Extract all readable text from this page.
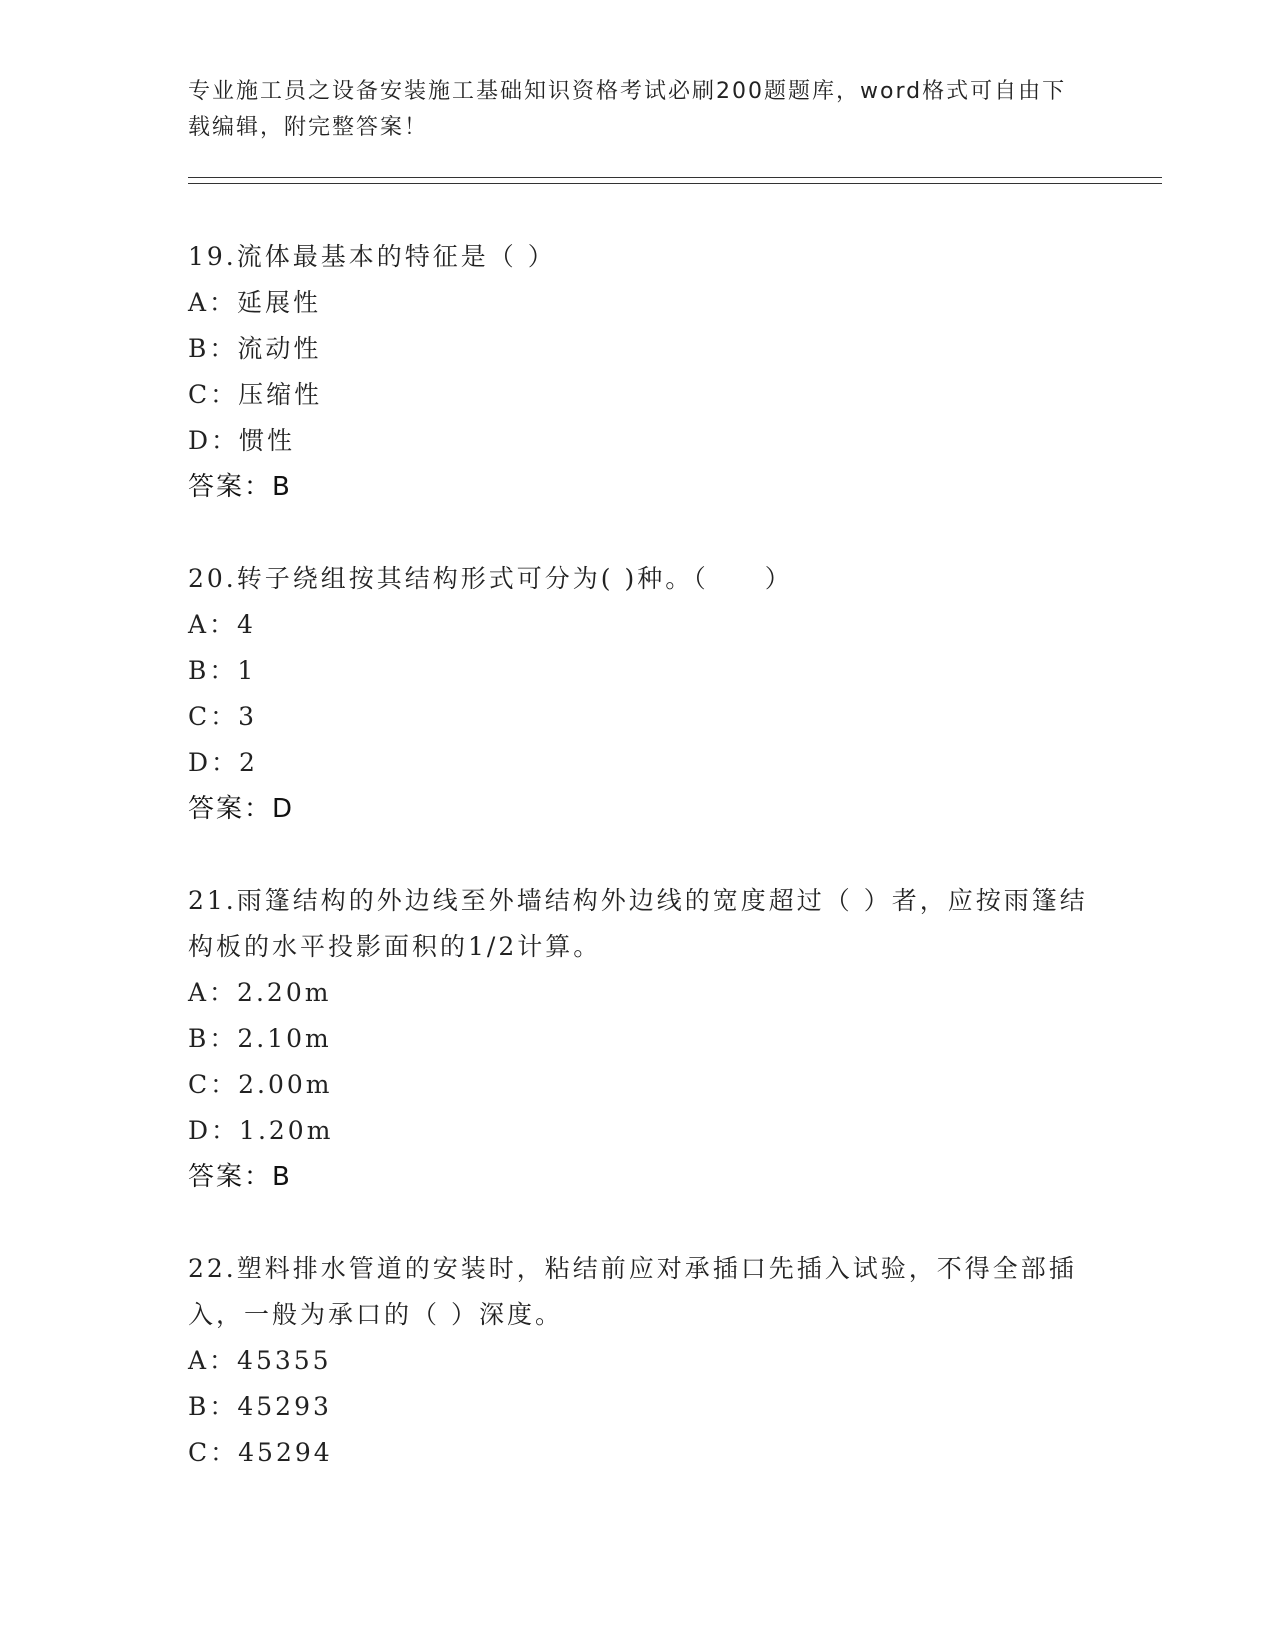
专业施工员之设备安装施工基础知识资格考试必刷200题题库，word格式可自由下载编辑，附完整答案！
19.流体最基本的特征是（ ）
A：延展性
B：流动性
C：压缩性
D：惯性
答案：B
20.转子绕组按其结构形式可分为( )种。（　　）
A：4
B：1
C：3
D：2
答案：D
21.雨篷结构的外边线至外墙结构外边线的宽度超过（ ）者，应按雨篷结构板的水平投影面积的1/2计算。
A：2.20m
B：2.10m
C：2.00m
D：1.20m
答案：B
22.塑料排水管道的安装时，粘结前应对承插口先插入试验，不得全部插入，一般为承口的（ ）深度。
A：45355
B：45293
C：45294
